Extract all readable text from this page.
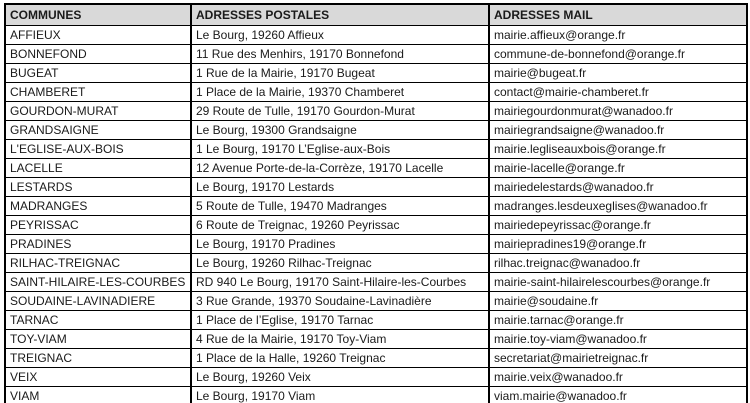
COMMUNES	ADRESSES POSTALES	ADRESSES MAIL
AFFIEUX	Le Bourg, 19260 Affieux	mairie.affieux@orange.fr
BONNEFOND	11 Rue des Menhirs, 19170 Bonnefond	commune-de-bonnefond@orange.fr
BUGEAT	1 Rue de la Mairie, 19170 Bugeat	mairie@bugeat.fr
CHAMBERET	1 Place de la Mairie, 19370 Chamberet	contact@mairie-chamberet.fr
GOURDON-MURAT	29 Route de Tulle, 19170 Gourdon-Murat	mairiegourdonmurat@wanadoo.fr
GRANDSAIGNE	Le Bourg, 19300 Grandsaigne	mairiegrandsaigne@wanadoo.fr
L'EGLISE-AUX-BOIS	1 Le Bourg, 19170 L’Eglise-aux-Bois	mairie.legliseauxbois@orange.fr
LACELLE	12 Avenue Porte-de-la-Corrèze, 19170 Lacelle	mairie-lacelle@orange.fr
LESTARDS	Le Bourg, 19170 Lestards	mairiedelestards@wanadoo.fr
MADRANGES	5 Route de Tulle, 19470 Madranges	madranges.lesdeuxeglises@wanadoo.fr
PEYRISSAC	6 Route de Treignac, 19260 Peyrissac	mairiedepeyrissac@orange.fr
PRADINES	Le Bourg, 19170 Pradines	mairiepradines19@orange.fr
RILHAC-TREIGNAC	Le Bourg, 19260 Rilhac-Treignac	rilhac.treignac@wanadoo.fr
SAINT-HILAIRE-LES-COURBES	RD 940 Le Bourg, 19170 Saint-Hilaire-les-Courbes	mairie-saint-hilairelescourbes@orange.fr
SOUDAINE-LAVINADIERE	3 Rue Grande, 19370 Soudaine-Lavinadière	mairie@soudaine.fr
TARNAC	1 Place de l’Eglise, 19170 Tarnac	mairie.tarnac@orange.fr
TOY-VIAM	4 Rue de la Mairie, 19170 Toy-Viam	mairie.toy-viam@wanadoo.fr
TREIGNAC	1 Place de la Halle, 19260 Treignac	secretariat@mairietreignac.fr
VEIX	Le Bourg, 19260 Veix	mairie.veix@wanadoo.fr
VIAM	Le Bourg, 19170 Viam	viam.mairie@wanadoo.fr
